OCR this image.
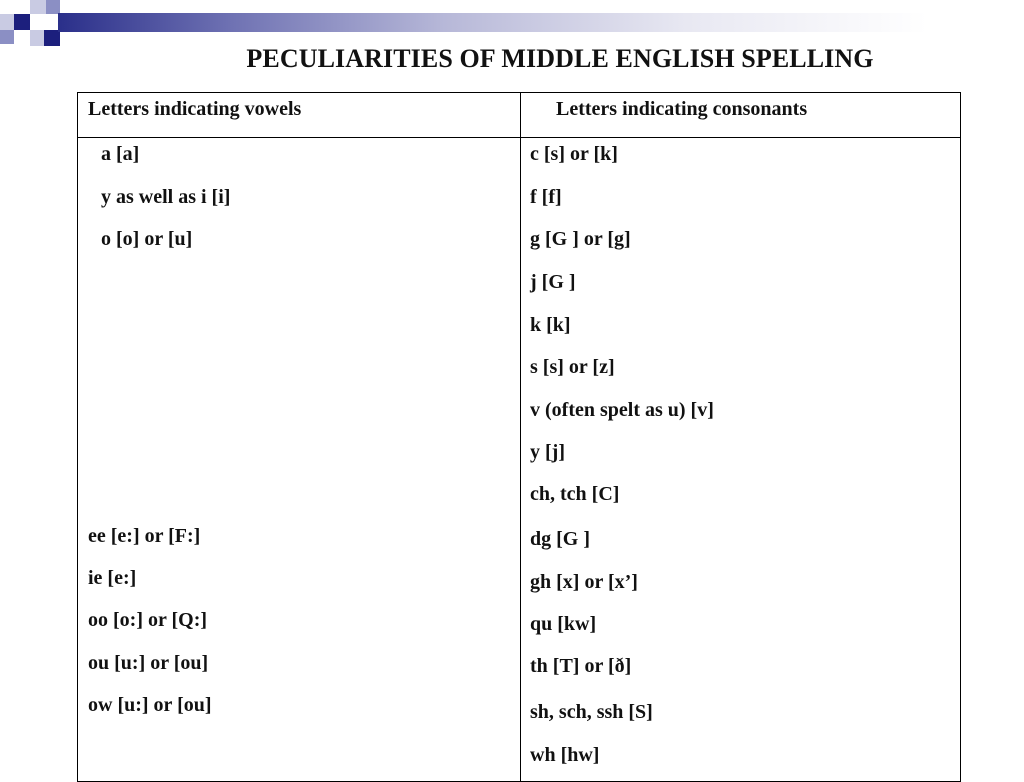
PECULIARITIES OF MIDDLE ENGLISH SPELLING
Letters indicating vowels	Letters indicating consonants
a [a]
y as well as i [i]
o [o] or [u]
ee [e:] or [F:]
ie [e:]
oo [o:] or [Q:]
ou [u:] or [ou]
ow [u:] or [ou]
c [s] or [k]
f [f]
g [G ] or [g]
j [G ]
k [k]
s [s] or [z]
v (often spelt as u) [v]
y [j]
ch, tch [C]
dg [G ]
gh [x] or [x’]
qu [kw]
th [T] or [ð]
sh, sch, ssh [S]
wh [hw]
